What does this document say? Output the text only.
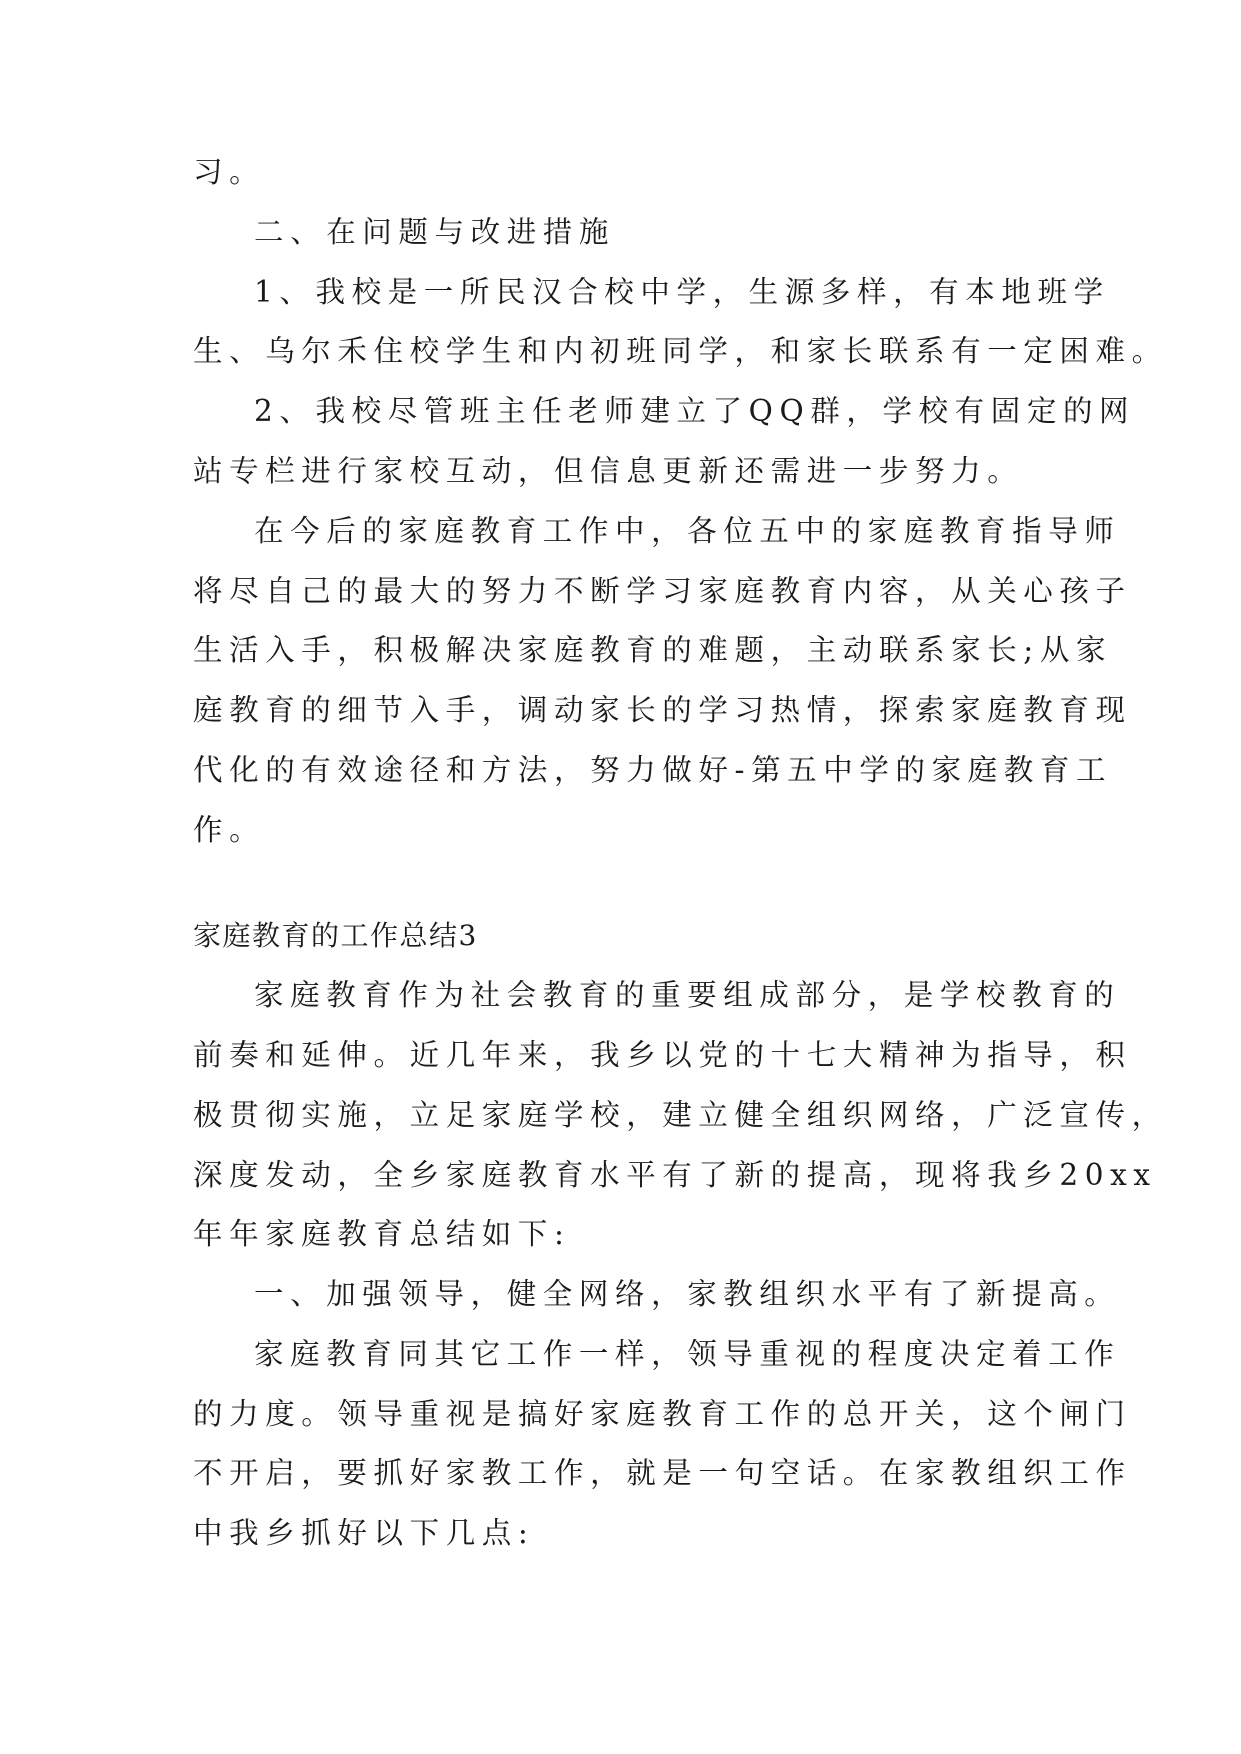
习。
二、在问题与改进措施
1、我校是一所民汉合校中学，生源多样，有本地班学
生、乌尔禾住校学生和内初班同学，和家长联系有一定困难。
2、我校尽管班主任老师建立了QQ群，学校有固定的网
站专栏进行家校互动，但信息更新还需进一步努力。
在今后的家庭教育工作中，各位五中的家庭教育指导师
将尽自己的最大的努力不断学习家庭教育内容，从关心孩子
生活入手，积极解决家庭教育的难题，主动联系家长;从家
庭教育的细节入手，调动家长的学习热情，探索家庭教育现
代化的有效途径和方法，努力做好-第五中学的家庭教育工
作。
家庭教育的工作总结3
家庭教育作为社会教育的重要组成部分，是学校教育的
前奏和延伸。近几年来，我乡以党的十七大精神为指导，积
极贯彻实施，立足家庭学校，建立健全组织网络，广泛宣传，
深度发动，全乡家庭教育水平有了新的提高，现将我乡20xx
年年家庭教育总结如下:
一、加强领导，健全网络，家教组织水平有了新提高。
家庭教育同其它工作一样，领导重视的程度决定着工作
的力度。领导重视是搞好家庭教育工作的总开关，这个闸门
不开启，要抓好家教工作，就是一句空话。在家教组织工作
中我乡抓好以下几点:
